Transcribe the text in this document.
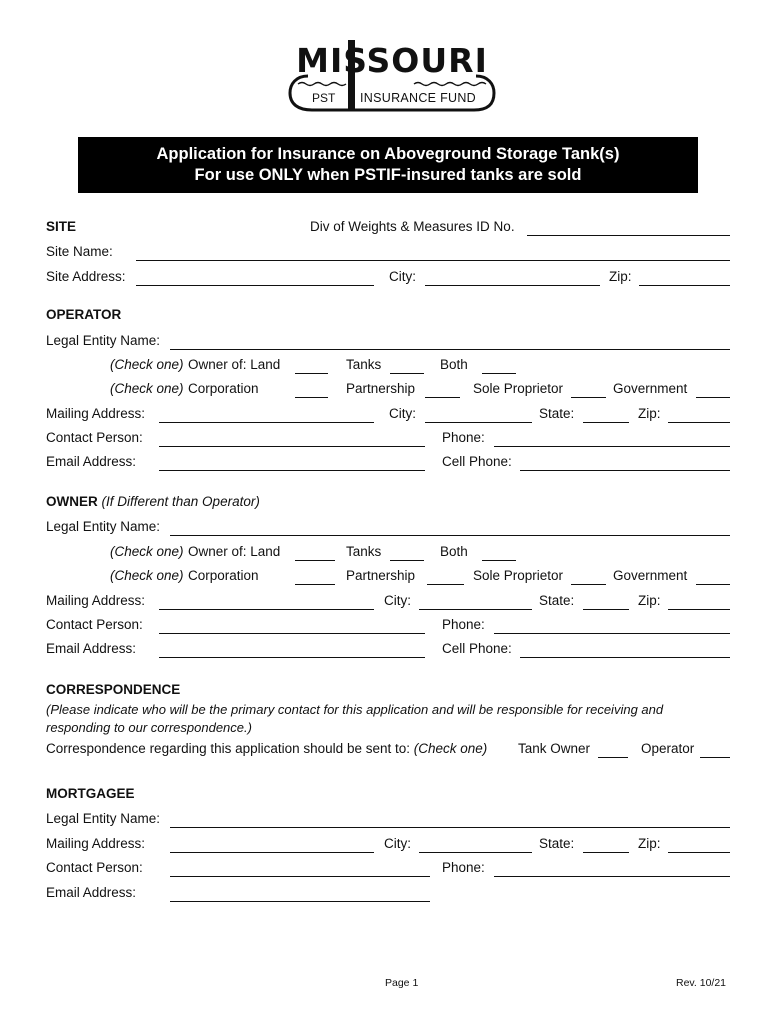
MISSOURI
PST INSURANCE FUND
Application for Insurance on Aboveground Storage Tank(s)
For use ONLY when PSTIF-insured tanks are sold
SITE	Div of Weights & Measures ID No.
Site Name:
Site Address:	City:	Zip:
OPERATOR
Legal Entity Name:
(Check one) Owner of: Land	Tanks	Both
(Check one) Corporation	Partnership	Sole Proprietor	Government
Mailing Address:	City:	State:	Zip:
Contact Person:	Phone:
Email Address:	Cell Phone:
OWNER (If Different than Operator)
Legal Entity Name:
(Check one) Owner of: Land	Tanks	Both
(Check one) Corporation	Partnership	Sole Proprietor	Government
Mailing Address:	City:	State:	Zip:
Contact Person:	Phone:
Email Address:	Cell Phone:
CORRESPONDENCE
(Please indicate who will be the primary contact for this application and will be responsible for receiving and
responding to our correspondence.)
Correspondence regarding this application should be sent to: (Check one) Tank Owner	Operator
MORTGAGEE
Legal Entity Name:
Mailing Address:	City:	State:	Zip:
Contact Person:	Phone:
Email Address:
Page 1	Rev. 10/21
